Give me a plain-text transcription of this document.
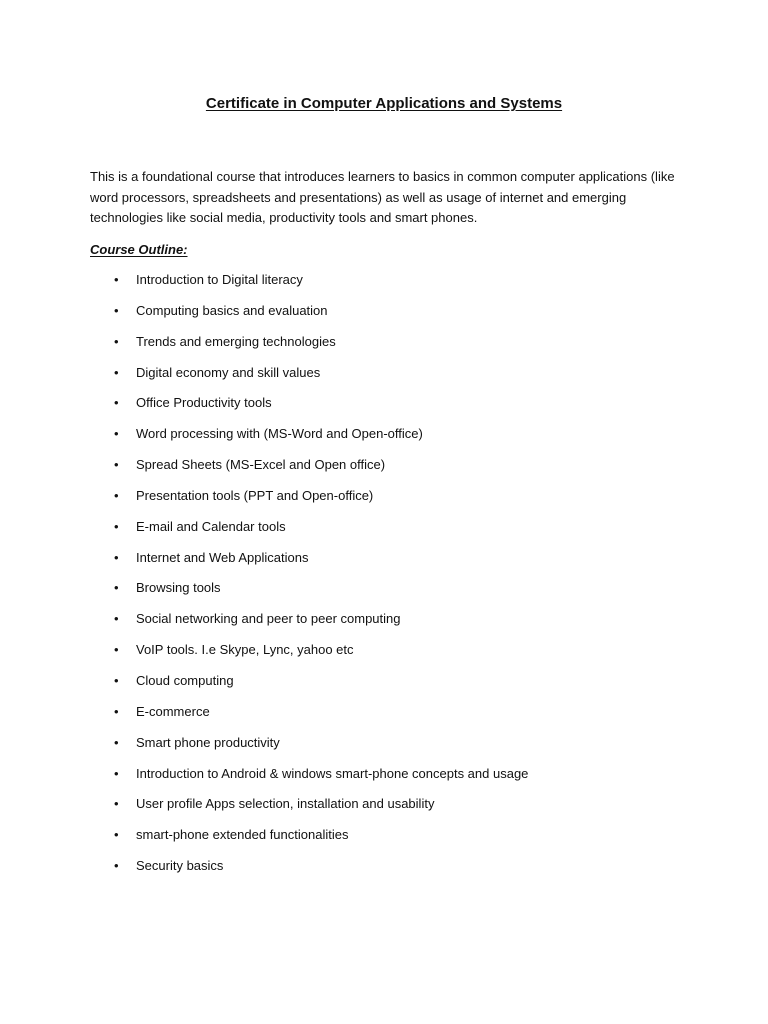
Certificate in Computer Applications and Systems

This is a foundational course that introduces learners to basics in common computer applications (like word processors, spreadsheets and presentations) as well as usage of internet and emerging technologies like social media, productivity tools and smart phones.

Course Outline:

• Introduction to Digital literacy
• Computing basics and evaluation
• Trends and emerging technologies
• Digital economy and skill values
• Office Productivity tools
• Word processing with (MS-Word and Open-office)
• Spread Sheets (MS-Excel and Open office)
• Presentation tools (PPT and Open-office)
• E-mail and Calendar tools
• Internet and Web Applications
• Browsing tools
• Social networking and peer to peer computing
• VoIP tools. I.e Skype, Lync, yahoo etc
• Cloud computing
• E-commerce
• Smart phone productivity
• Introduction to Android & windows smart-phone concepts and usage
• User profile Apps selection, installation and usability
• smart-phone extended functionalities
• Security basics
